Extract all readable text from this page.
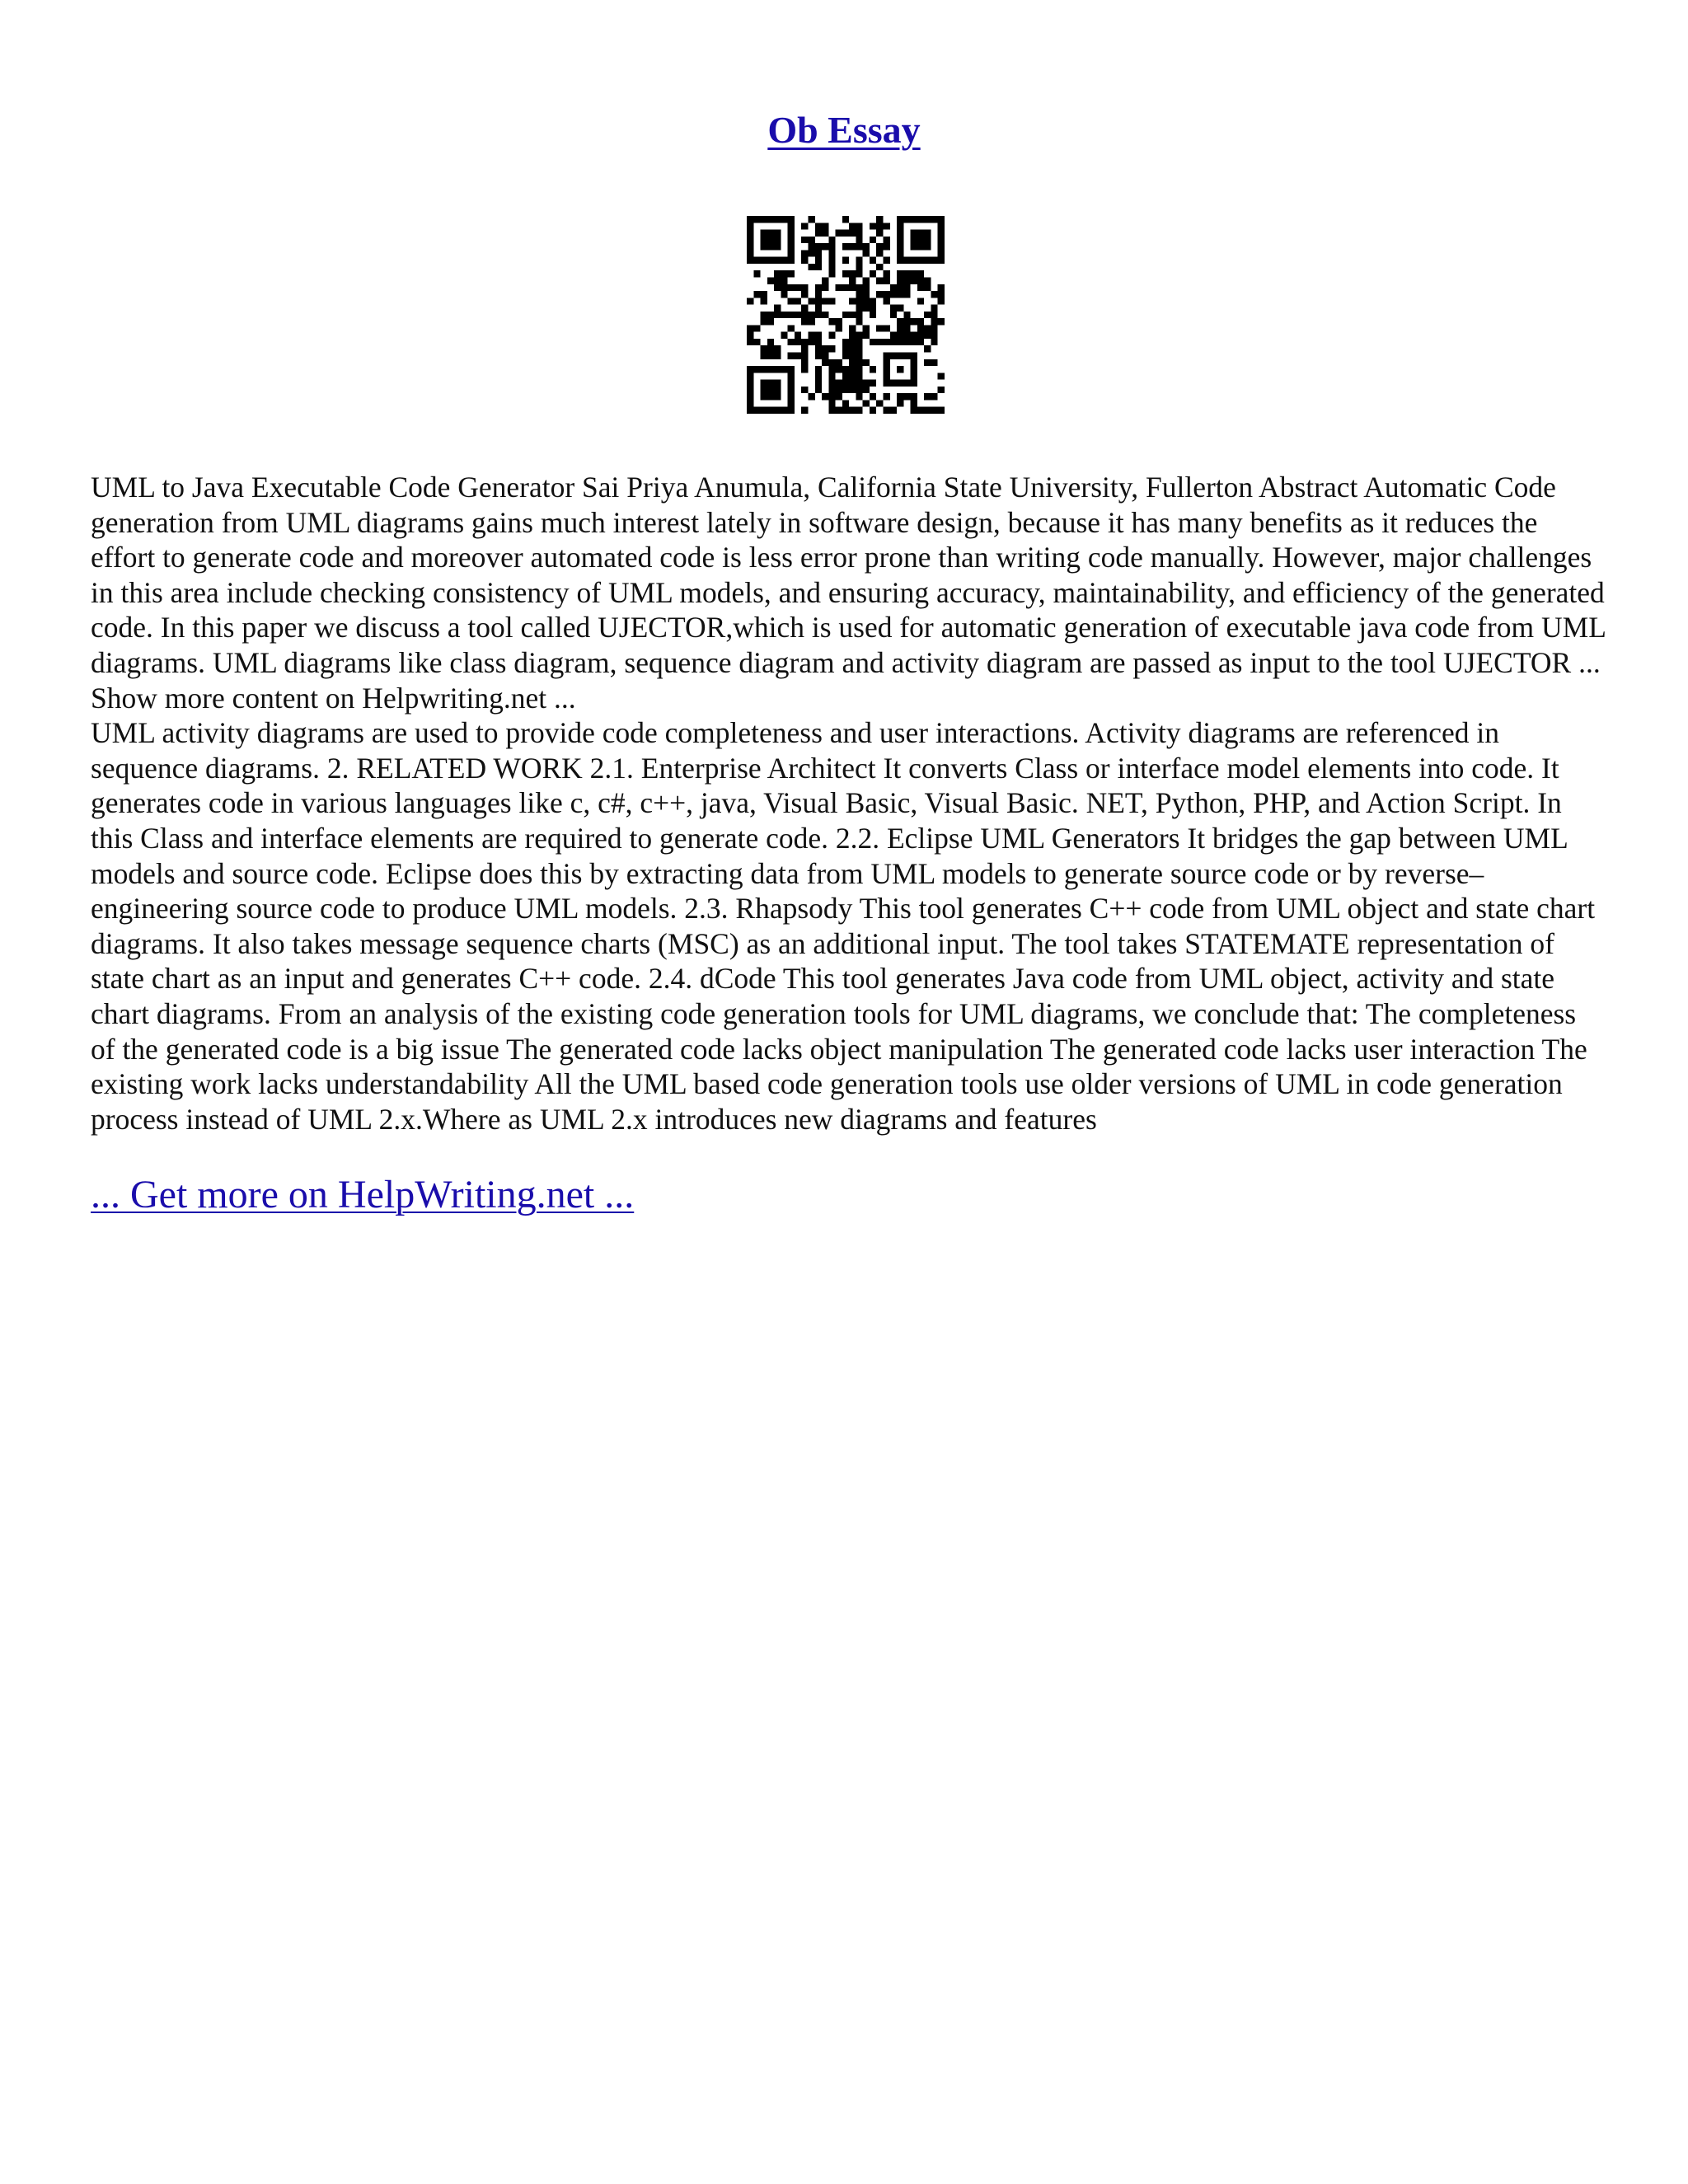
Ob Essay

UML to Java Executable Code Generator Sai Priya Anumula, California State University, Fullerton Abstract Automatic Code generation from UML diagrams gains much interest lately in software design, because it has many benefits as it reduces the effort to generate code and moreover automated code is less error prone than writing code manually. However, major challenges in this area include checking consistency of UML models, and ensuring accuracy, maintainability, and efficiency of the generated code. In this paper we discuss a tool called UJECTOR,which is used for automatic generation of executable java code from UML diagrams. UML diagrams like class diagram, sequence diagram and activity diagram are passed as input to the tool UJECTOR ... Show more content on Helpwriting.net ...

UML activity diagrams are used to provide code completeness and user interactions. Activity diagrams are referenced in sequence diagrams. 2. RELATED WORK 2.1. Enterprise Architect It converts Class or interface model elements into code. It generates code in various languages like c, c#, c++, java, Visual Basic, Visual Basic. NET, Python, PHP, and Action Script. In this Class and interface elements are required to generate code. 2.2. Eclipse UML Generators It bridges the gap between UML models and source code. Eclipse does this by extracting data from UML models to generate source code or by reverse–engineering source code to produce UML models. 2.3. Rhapsody This tool generates C++ code from UML object and state chart diagrams. It also takes message sequence charts (MSC) as an additional input. The tool takes STATEMATE representation of state chart as an input and generates C++ code. 2.4. dCode This tool generates Java code from UML object, activity and state chart diagrams. From an analysis of the existing code generation tools for UML diagrams, we conclude that: The completeness of the generated code is a big issue The generated code lacks object manipulation The generated code lacks user interaction The existing work lacks understandability All the UML based code generation tools use older versions of UML in code generation process instead of UML 2.x.Where as UML 2.x introduces new diagrams and features

... Get more on HelpWriting.net ...
